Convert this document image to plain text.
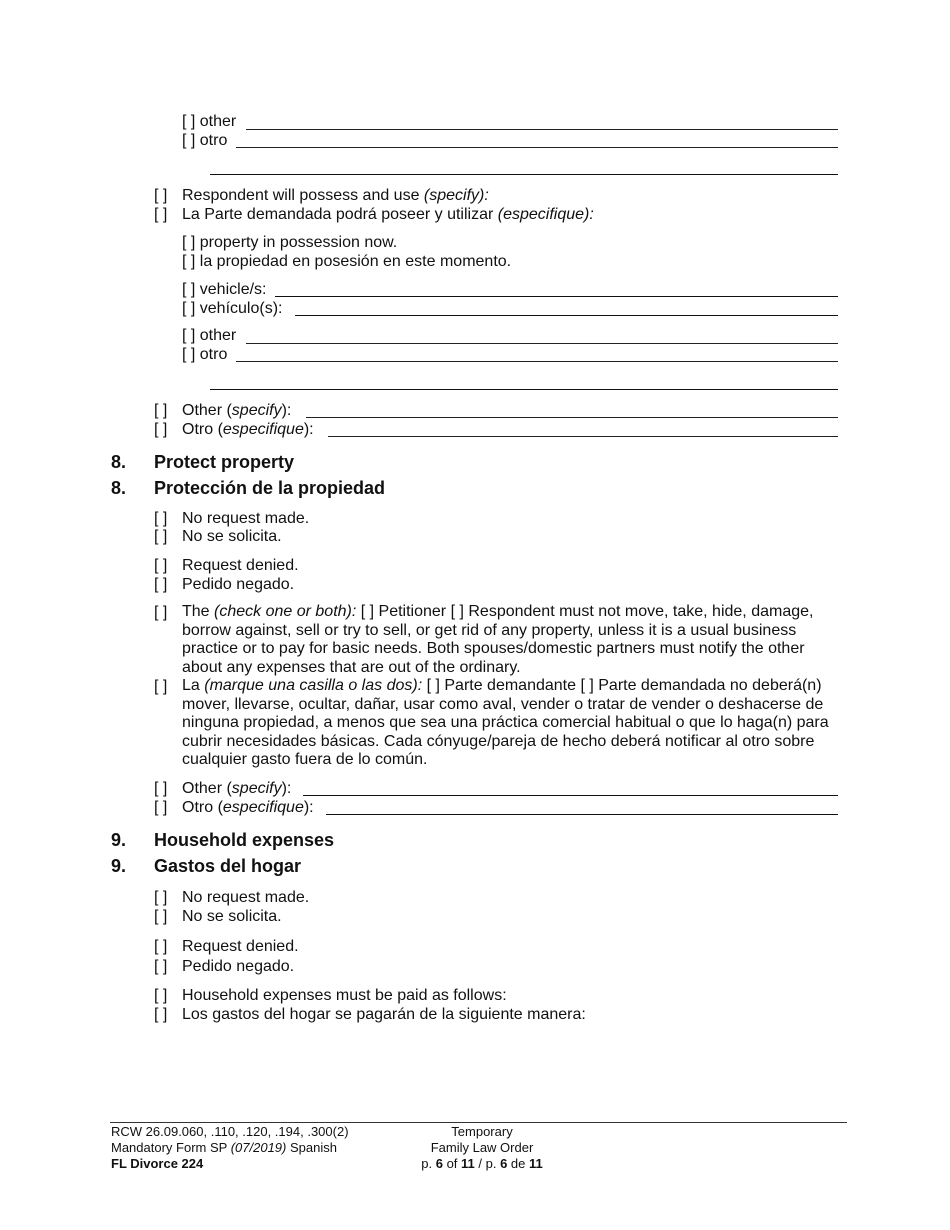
[ ] other
[ ] otro
[ ] Respondent will possess and use (specify):
[ ] La Parte demandada podrá poseer y utilizar (especifique):
[ ] property in possession now.
[ ] la propiedad en posesión en este momento.
[ ] vehicle/s:
[ ] vehículo(s):
[ ] other
[ ] otro
[ ] Other (specify):
[ ] Otro (especifique):
8. Protect property
8. Protección de la propiedad
[ ] No request made.
[ ] No se solicita.
[ ] Request denied.
[ ] Pedido negado.
[ ] The (check one or both): [ ] Petitioner [ ] Respondent must not move, take, hide, damage, borrow against, sell or try to sell, or get rid of any property, unless it is a usual business practice or to pay for basic needs. Both spouses/domestic partners must notify the other about any expenses that are out of the ordinary.
[ ] La (marque una casilla o las dos): [ ] Parte demandante [ ] Parte demandada no deberá(n) mover, llevarse, ocultar, dañar, usar como aval, vender o tratar de vender o deshacerse de ninguna propiedad, a menos que sea una práctica comercial habitual o que lo haga(n) para cubrir necesidades básicas. Cada cónyuge/pareja de hecho deberá notificar al otro sobre cualquier gasto fuera de lo común.
[ ] Other (specify):
[ ] Otro (especifique):
9. Household expenses
9. Gastos del hogar
[ ] No request made.
[ ] No se solicita.
[ ] Request denied.
[ ] Pedido negado.
[ ] Household expenses must be paid as follows:
[ ] Los gastos del hogar se pagarán de la siguiente manera:
RCW 26.09.060, .110, .120, .194, .300(2)
Mandatory Form SP (07/2019) Spanish
FL Divorce 224
Temporary
Family Law Order
p. 6 of 11 / p. 6 de 11
